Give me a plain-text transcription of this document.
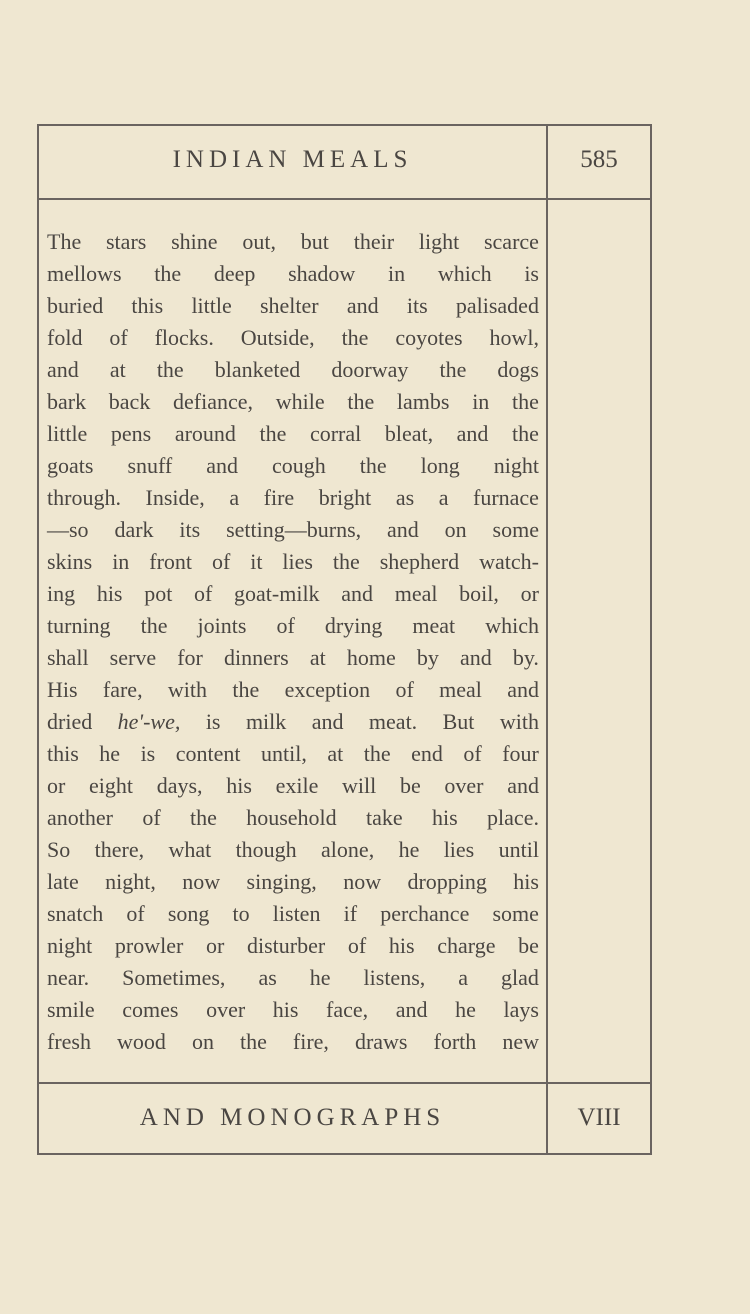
INDIAN MEALS	585
The stars shine out, but their light scarce
mellows the deep shadow in which is
buried this little shelter and its palisaded
fold of flocks. Outside, the coyotes howl,
and at the blanketed doorway the dogs
bark back defiance, while the lambs in the
little pens around the corral bleat, and the
goats snuff and cough the long night
through. Inside, a fire bright as a furnace
—so dark its setting—burns, and on some
skins in front of it lies the shepherd watch-
ing his pot of goat-milk and meal boil, or
turning the joints of drying meat which
shall serve for dinners at home by and by.
His fare, with the exception of meal and
dried he'-we, is milk and meat. But with
this he is content until, at the end of four
or eight days, his exile will be over and
another of the household take his place.
So there, what though alone, he lies until
late night, now singing, now dropping his
snatch of song to listen if perchance some
night prowler or disturber of his charge be
near. Sometimes, as he listens, a glad
smile comes over his face, and he lays
fresh wood on the fire, draws forth new
AND MONOGRAPHS	VIII
